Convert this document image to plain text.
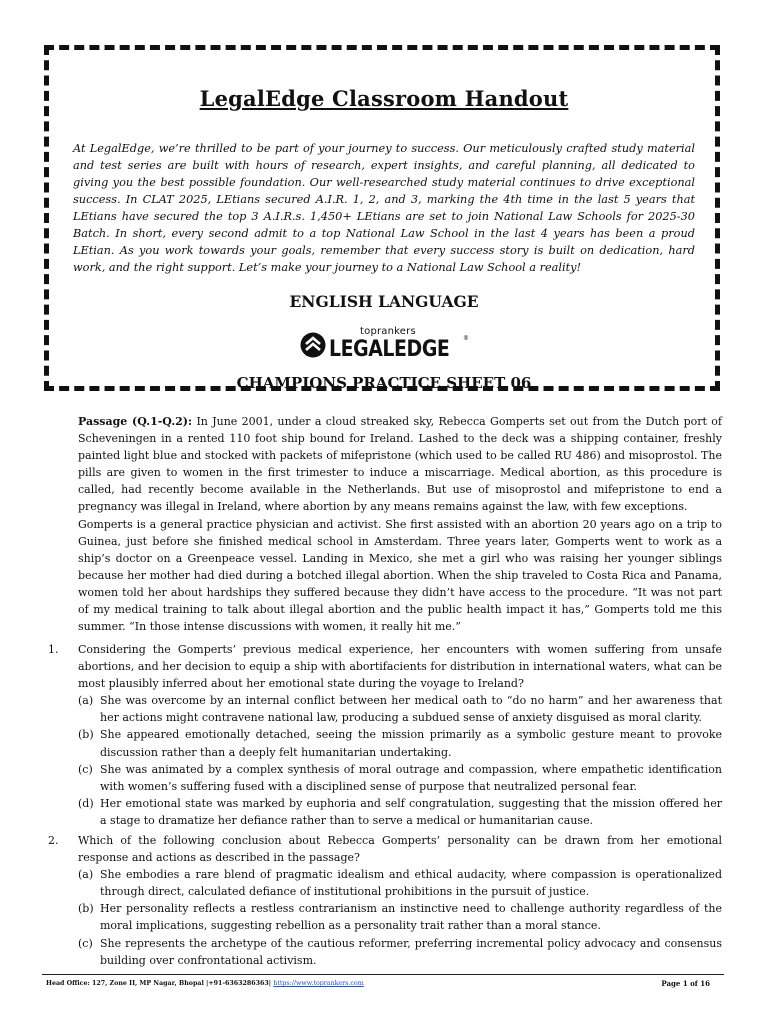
LegalEdge Classroom Handout
At LegalEdge, we’re thrilled to be part of your journey to success. Our meticulously crafted study material and test series are built with hours of research, expert insights, and careful planning, all dedicated to giving you the best possible foundation. Our well-researched study material continues to drive exceptional success. In CLAT 2025, LEtians secured A.I.R. 1, 2, and 3, marking the 4th time in the last 5 years that LEtians have secured the top 3 A.I.R.s. 1,450+ LEtians are set to join National Law Schools for 2025-30 Batch. In short, every second admit to a top National Law School in the last 4 years has been a proud LEtian. As you work towards your goals, remember that every success story is built on dedication, hard work, and the right support. Let’s make your journey to a National Law School a reality!
ENGLISH LANGUAGE
toprankers
LEGALEDGE ®
CHAMPIONS PRACTICE SHEET 06

Passage (Q.1-Q.2): In June 2001, under a cloud streaked sky, Rebecca Gomperts set out from the Dutch port of Scheveningen in a rented 110 foot ship bound for Ireland. Lashed to the deck was a shipping container, freshly painted light blue and stocked with packets of mifepristone (which used to be called RU 486) and misoprostol. The pills are given to women in the first trimester to induce a miscarriage. Medical abortion, as this procedure is called, had recently become available in the Netherlands. But use of misoprostol and mifepristone to end a pregnancy was illegal in Ireland, where abortion by any means remains against the law, with few exceptions.

Gomperts is a general practice physician and activist. She first assisted with an abortion 20 years ago on a trip to Guinea, just before she finished medical school in Amsterdam. Three years later, Gomperts went to work as a ship’s doctor on a Greenpeace vessel. Landing in Mexico, she met a girl who was raising her younger siblings because her mother had died during a botched illegal abortion. When the ship traveled to Costa Rica and Panama, women told her about hardships they suffered because they didn’t have access to the procedure. “It was not part of my medical training to talk about illegal abortion and the public health impact it has,” Gomperts told me this summer. “In those intense discussions with women, it really hit me.”

1. Considering the Gomperts’ previous medical experience, her encounters with women suffering from unsafe abortions, and her decision to equip a ship with abortifacients for distribution in international waters, what can be most plausibly inferred about her emotional state during the voyage to Ireland?
(a) She was overcome by an internal conflict between her medical oath to “do no harm” and her awareness that her actions might contravene national law, producing a subdued sense of anxiety disguised as moral clarity.
(b) She appeared emotionally detached, seeing the mission primarily as a symbolic gesture meant to provoke discussion rather than a deeply felt humanitarian undertaking.
(c) She was animated by a complex synthesis of moral outrage and compassion, where empathetic identification with women’s suffering fused with a disciplined sense of purpose that neutralized personal fear.
(d) Her emotional state was marked by euphoria and self congratulation, suggesting that the mission offered her a stage to dramatize her defiance rather than to serve a medical or humanitarian cause.
2. Which of the following conclusion about Rebecca Gomperts’ personality can be drawn from her emotional response and actions as described in the passage?
(a) She embodies a rare blend of pragmatic idealism and ethical audacity, where compassion is operationalized through direct, calculated defiance of institutional prohibitions in the pursuit of justice.
(b) Her personality reflects a restless contrarianism an instinctive need to challenge authority regardless of the moral implications, suggesting rebellion as a personality trait rather than a moral stance.
(c) She represents the archetype of the cautious reformer, preferring incremental policy advocacy and consensus building over confrontational activism.
Head Office: 127, Zone II, MP Nagar, Bhopal |+91-6363286363| https://www.toprankers.com	Page 1 of 16
